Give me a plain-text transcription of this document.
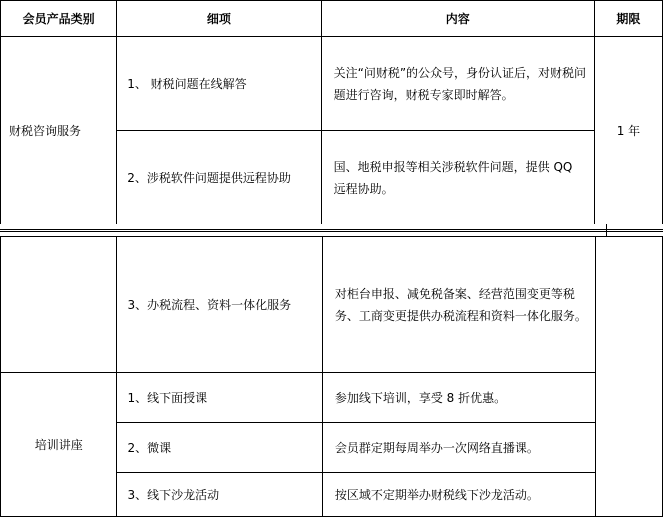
会员产品类别	细项	内容	期限
财税咨询服务	1、 财税问题在线解答	关注“问财税”的公众号，身份认证后，对财税问题进行咨询，财税专家即时解答。	1 年
	2、涉税软件问题提供远程协助	国、地税申报等相关涉税软件问题，提供 QQ 远程协助。	
	3、办税流程、资料一体化服务	对柜台申报、减免税备案、经营范围变更等税务、工商变更提供办税流程和资料一体化服务。	
培训讲座	1、线下面授课	参加线下培训，享受 8 折优惠。	
	2、微课	会员群定期每周举办一次网络直播课。	
	3、线下沙龙活动	按区域不定期举办财税线下沙龙活动。	
